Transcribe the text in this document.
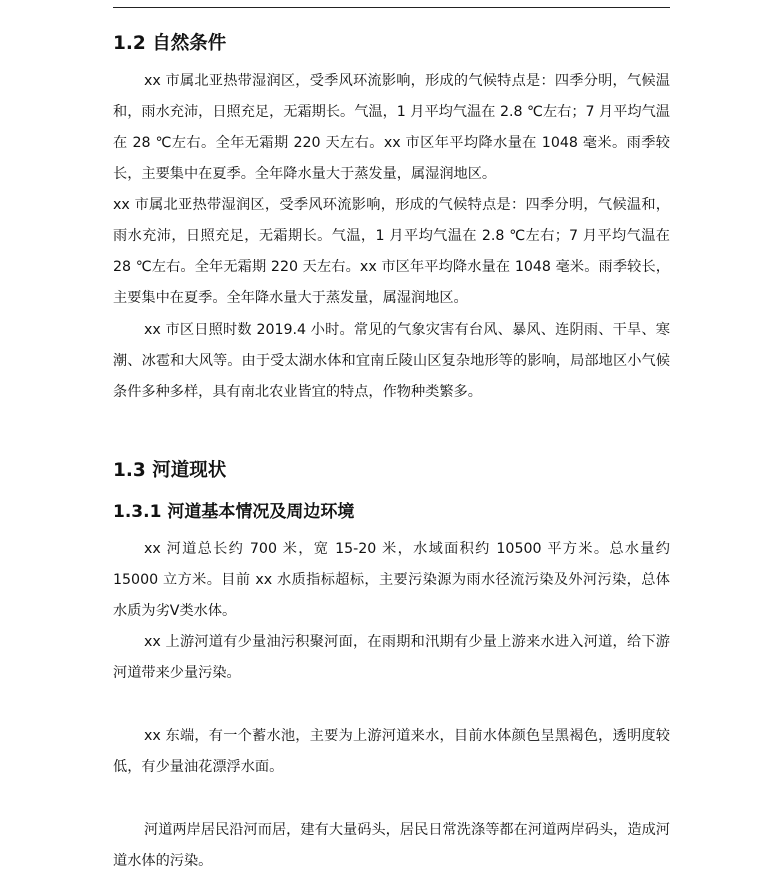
1.2 自然条件

xx 市属北亚热带湿润区，受季风环流影响，形成的气候特点是：四季分明，气候温和，雨水充沛，日照充足，无霜期长。气温，1 月平均气温在 2.8 ℃左右；7 月平均气温在 28 ℃左右。全年无霜期 220 天左右。xx 市区年平均降水量在 1048 毫米。雨季较长，主要集中在夏季。全年降水量大于蒸发量，属湿润地区。

xx 市属北亚热带湿润区，受季风环流影响，形成的气候特点是：四季分明，气候温和，雨水充沛，日照充足，无霜期长。气温，1 月平均气温在 2.8 ℃左右；7 月平均气温在 28 ℃左右。全年无霜期 220 天左右。xx 市区年平均降水量在 1048 毫米。雨季较长，主要集中在夏季。全年降水量大于蒸发量，属湿润地区。

xx 市区日照时数 2019.4 小时。常见的气象灾害有台风、暴风、连阴雨、干旱、寒潮、冰雹和大风等。由于受太湖水体和宜南丘陵山区复杂地形等的影响，局部地区小气候条件多种多样，具有南北农业皆宜的特点，作物种类繁多。

1.3 河道现状
1.3.1 河道基本情况及周边环境

xx 河道总长约 700 米，宽 15-20 米，水域面积约 10500 平方米。总水量约 15000 立方米。目前 xx 水质指标超标，主要污染源为雨水径流污染及外河污染，总体水质为劣Ⅴ类水体。

xx 上游河道有少量油污积聚河面，在雨期和汛期有少量上游来水进入河道，给下游河道带来少量污染。

xx 东端，有一个蓄水池，主要为上游河道来水，目前水体颜色呈黑褐色，透明度较低，有少量油花漂浮水面。

河道两岸居民沿河而居，建有大量码头，居民日常洗涤等都在河道两岸码头，造成河道水体的污染。
